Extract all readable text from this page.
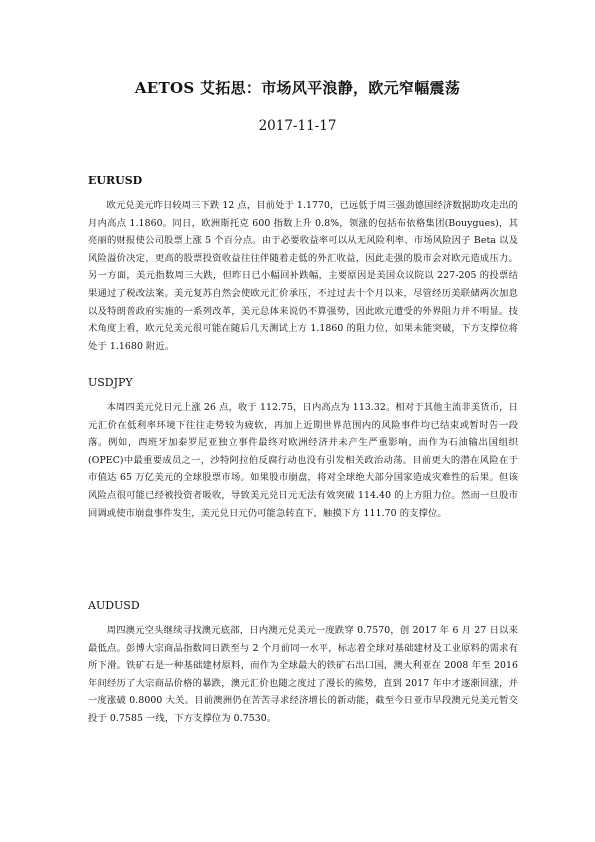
AETOS 艾拓思：市场风平浪静，欧元窄幅震荡
2017-11-17

EURUSD

欧元兑美元昨日较周三下跌 12 点，目前处于 1.1770，已远低于周三强劲德国经济数据助攻走出的月内高点 1.1860。同日，欧洲斯托克 600 指数上升 0.8%，领涨的包括布依格集团(Bouygues)，其亮丽的财报使公司股票上涨 5 个百分点。由于必要收益率可以从无风险利率、市场风险因子 Beta 以及风险溢价决定，更高的股票投资收益往往伴随着走低的外汇收益，因此走强的股市会对欧元造成压力。另一方面，美元指数周三大跌，但昨日已小幅回补跌幅，主要原因是美国众议院以 227-205 的投票结果通过了税改法案。美元复苏自然会使欧元汇价承压，不过过去十个月以来，尽管经历美联储两次加息以及特朗普政府实施的一系列改革，美元总体来说仍不算强势，因此欧元遭受的外界阻力并不明显。技术角度上看，欧元兑美元很可能在随后几天测试上方 1.1860 的阻力位，如果未能突破，下方支撑位将处于 1.1680 附近。

USDJPY

本周四美元兑日元上涨 26 点，收于 112.75，日内高点为 113.32。相对于其他主流非美货币，日元汇价在低利率环境下往往走势较为疲软，再加上近期世界范围内的风险事件均已结束或暂时告一段落。例如，西班牙加泰罗尼亚独立事件最终对欧洲经济并未产生严重影响，而作为石油输出国组织(OPEC)中最重要成员之一，沙特阿拉伯反腐行动也没有引发相关政治动荡。目前更大的潜在风险在于市值达 65 万亿美元的全球股票市场。如果股市崩盘，将对全球绝大部分国家造成灾难性的后果。但该风险点很可能已经被投资者吸收，导致美元兑日元无法有效突破 114.40 的上方阻力位。然而一旦股市回调或使市崩盘事件发生，美元兑日元仍可能急转直下，触摸下方 111.70 的支撑位。

AUDUSD

周四澳元空头继续寻找澳元底部，日内澳元兑美元一度跌穿 0.7570，创 2017 年 6 月 27 日以来最低点。彭博大宗商品指数同日跌至与 2 个月前同一水平，标志着全球对基础建材及工业原料的需求有所下滑。铁矿石是一种基础建材原料，而作为全球最大的铁矿石出口国，澳大利亚在 2008 年至 2016 年间经历了大宗商品价格的暴跌，澳元汇价也随之度过了漫长的熊势，直到 2017 年中才逐渐回涨，并一度涨破 0.8000 大关。目前澳洲仍在苦苦寻求经济增长的新动能，截至今日亚市早段澳元兑美元暂交投于 0.7585 一线，下方支撑位为 0.7530。
